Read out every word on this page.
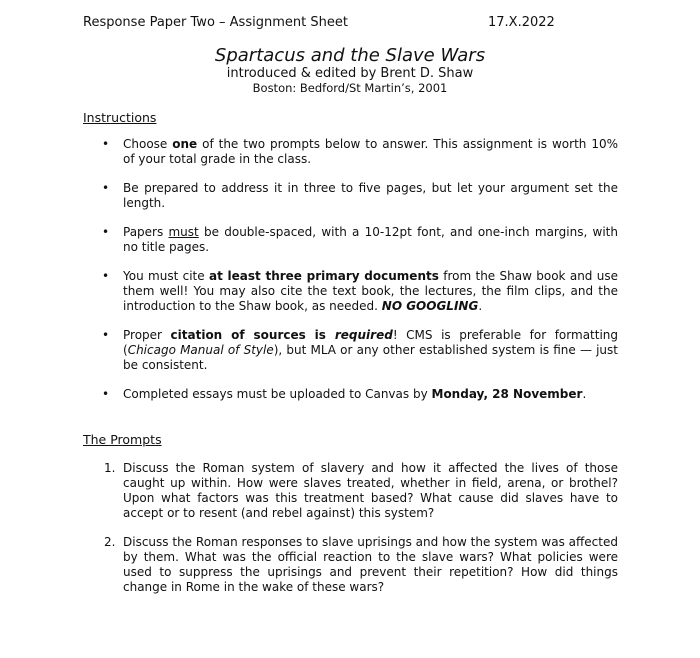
Response Paper Two – Assignment Sheet	17.X.2022
Spartacus and the Slave Wars
introduced & edited by Brent D. Shaw
Boston: Bedford/St Martin’s, 2001
Instructions
• Choose one of the two prompts below to answer. This assignment is worth 10% of your total grade in the class.
• Be prepared to address it in three to five pages, but let your argument set the length.
• Papers must be double-spaced, with a 10-12pt font, and one-inch margins, with no title pages.
• You must cite at least three primary documents from the Shaw book and use them well! You may also cite the text book, the lectures, the film clips, and the introduction to the Shaw book, as needed. NO GOOGLING.
• Proper citation of sources is required! CMS is preferable for formatting (Chicago Manual of Style), but MLA or any other established system is fine — just be consistent.
• Completed essays must be uploaded to Canvas by Monday, 28 November.
The Prompts
1. Discuss the Roman system of slavery and how it affected the lives of those caught up within. How were slaves treated, whether in field, arena, or brothel? Upon what factors was this treatment based? What cause did slaves have to accept or to resent (and rebel against) this system?
2. Discuss the Roman responses to slave uprisings and how the system was affected by them. What was the official reaction to the slave wars? What policies were used to suppress the uprisings and prevent their repetition? How did things change in Rome in the wake of these wars?
